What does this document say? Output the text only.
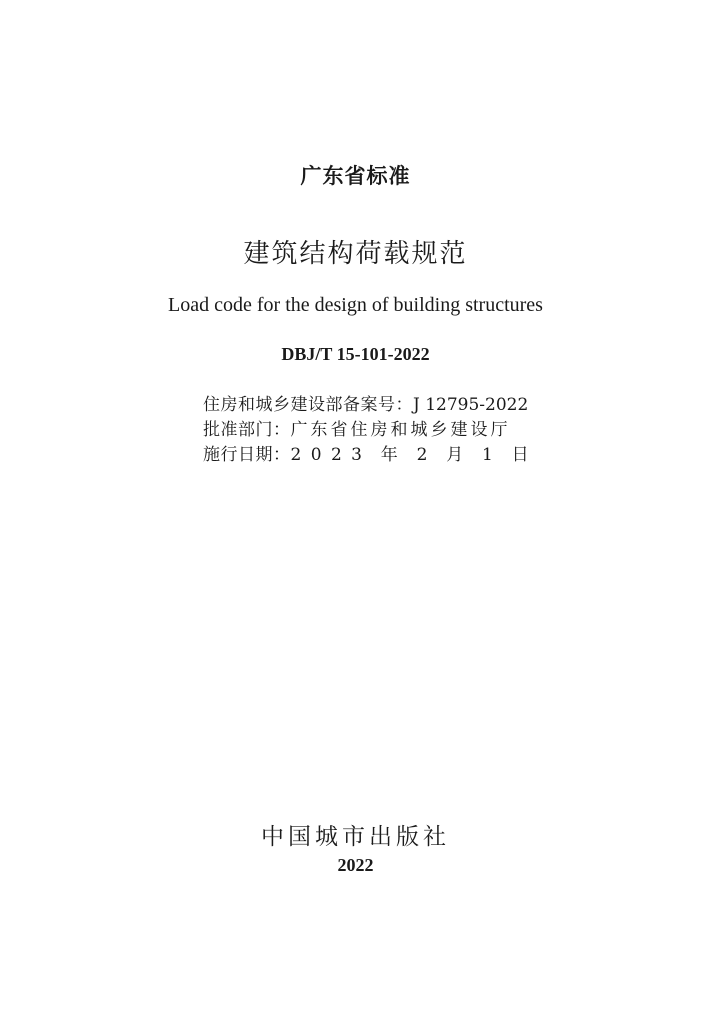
广东省标准
建筑结构荷载规范
Load code for the design of building structures
DBJ/T 15-101-2022
住房和城乡建设部备案号：J 12795-2022
批准部门：广东省住房和城乡建设厅
施行日期：2 0 2 3  年  2  月  1  日
中国城市出版社
2022
